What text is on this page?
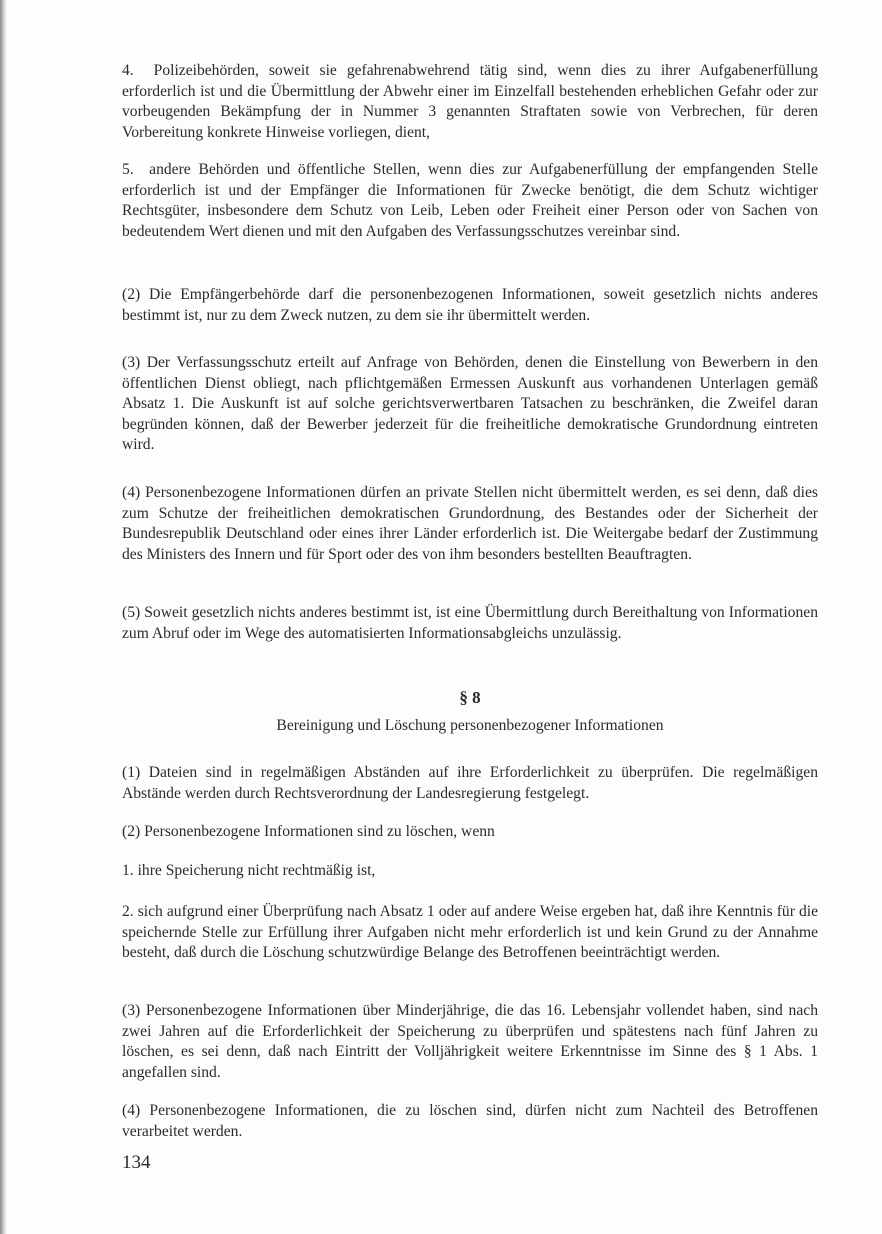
4. Polizeibehörden, soweit sie gefahrenabwehrend tätig sind, wenn dies zu ihrer Aufgabenerfüllung erforderlich ist und die Übermittlung der Abwehr einer im Einzelfall bestehenden erheblichen Gefahr oder zur vorbeugenden Bekämpfung der in Nummer 3 genannten Straftaten sowie von Verbrechen, für deren Vorbereitung konkrete Hinweise vorliegen, dient,

5. andere Behörden und öffentliche Stellen, wenn dies zur Aufgabenerfüllung der empfangenden Stelle erforderlich ist und der Empfänger die Informationen für Zwecke benötigt, die dem Schutz wichtiger Rechtsgüter, insbesondere dem Schutz von Leib, Leben oder Freiheit einer Person oder von Sachen von bedeutendem Wert dienen und mit den Aufgaben des Verfassungsschutzes vereinbar sind.

(2) Die Empfängerbehörde darf die personenbezogenen Informationen, soweit gesetzlich nichts anderes bestimmt ist, nur zu dem Zweck nutzen, zu dem sie ihr übermittelt werden.

(3) Der Verfassungsschutz erteilt auf Anfrage von Behörden, denen die Einstellung von Bewerbern in den öffentlichen Dienst obliegt, nach pflichtgemäßen Ermessen Auskunft aus vorhandenen Unterlagen gemäß Absatz 1. Die Auskunft ist auf solche gerichtsverwertbaren Tatsachen zu beschränken, die Zweifel daran begründen können, daß der Bewerber jederzeit für die freiheitliche demokratische Grundordnung eintreten wird.

(4) Personenbezogene Informationen dürfen an private Stellen nicht übermittelt werden, es sei denn, daß dies zum Schutze der freiheitlichen demokratischen Grundordnung, des Bestandes oder der Sicherheit der Bundesrepublik Deutschland oder eines ihrer Länder erforderlich ist. Die Weitergabe bedarf der Zustimmung des Ministers des Innern und für Sport oder des von ihm besonders bestellten Beauftragten.

(5) Soweit gesetzlich nichts anderes bestimmt ist, ist eine Übermittlung durch Bereithaltung von Informationen zum Abruf oder im Wege des automatisierten Informationsabgleichs unzulässig.

§ 8

Bereinigung und Löschung personenbezogener Informationen

(1) Dateien sind in regelmäßigen Abständen auf ihre Erforderlichkeit zu überprüfen. Die regelmäßigen Abstände werden durch Rechtsverordnung der Landesregierung festgelegt.

(2) Personenbezogene Informationen sind zu löschen, wenn

1. ihre Speicherung nicht rechtmäßig ist,

2. sich aufgrund einer Überprüfung nach Absatz 1 oder auf andere Weise ergeben hat, daß ihre Kenntnis für die speichernde Stelle zur Erfüllung ihrer Aufgaben nicht mehr erforderlich ist und kein Grund zu der Annahme besteht, daß durch die Löschung schutzwürdige Belange des Betroffenen beeinträchtigt werden.

(3) Personenbezogene Informationen über Minderjährige, die das 16. Lebensjahr vollendet haben, sind nach zwei Jahren auf die Erforderlichkeit der Speicherung zu überprüfen und spätestens nach fünf Jahren zu löschen, es sei denn, daß nach Eintritt der Volljährigkeit weitere Erkenntnisse im Sinne des § 1 Abs. 1 angefallen sind.

(4) Personenbezogene Informationen, die zu löschen sind, dürfen nicht zum Nachteil des Betroffenen verarbeitet werden.

134
